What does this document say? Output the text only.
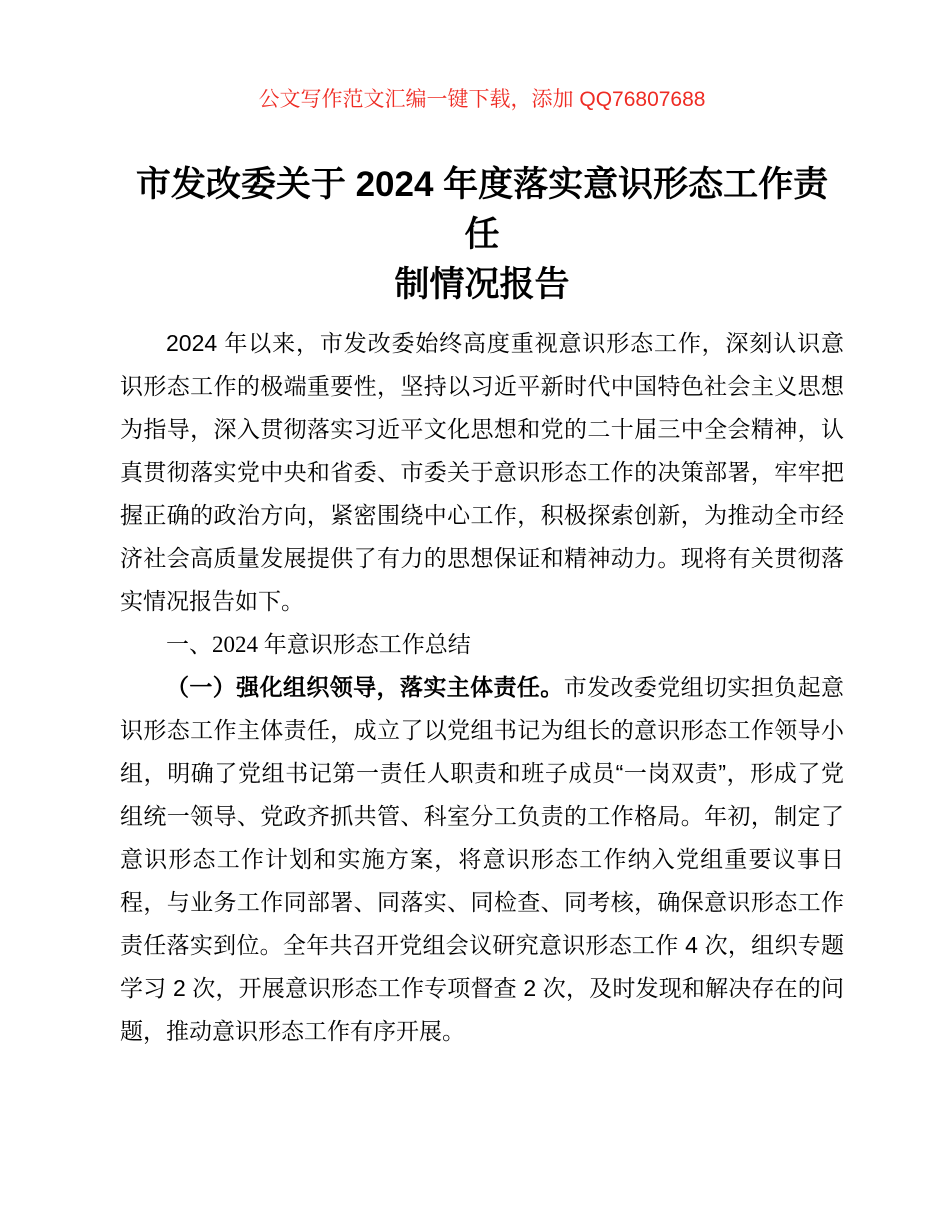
公文写作范文汇编一键下载，添加 QQ76807688
市发改委关于 2024 年度落实意识形态工作责任
制情况报告

2024 年以来，市发改委始终高度重视意识形态工作，深刻认识意识形态工作的极端重要性，坚持以习近平新时代中国特色社会主义思想为指导，深入贯彻落实习近平文化思想和党的二十届三中全会精神，认真贯彻落实党中央和省委、市委关于意识形态工作的决策部署，牢牢把握正确的政治方向，紧密围绕中心工作，积极探索创新，为推动全市经济社会高质量发展提供了有力的思想保证和精神动力。现将有关贯彻落实情况报告如下。

一、2024 年意识形态工作总结

（一）强化组织领导，落实主体责任。市发改委党组切实担负起意识形态工作主体责任，成立了以党组书记为组长的意识形态工作领导小组，明确了党组书记第一责任人职责和班子成员“一岗双责”，形成了党组统一领导、党政齐抓共管、科室分工负责的工作格局。年初，制定了意识形态工作计划和实施方案，将意识形态工作纳入党组重要议事日程，与业务工作同部署、同落实、同检查、同考核，确保意识形态工作责任落实到位。全年共召开党组会议研究意识形态工作 4 次，组织专题学习 2 次，开展意识形态工作专项督查 2 次，及时发现和解决存在的问题，推动意识形态工作有序开展。
